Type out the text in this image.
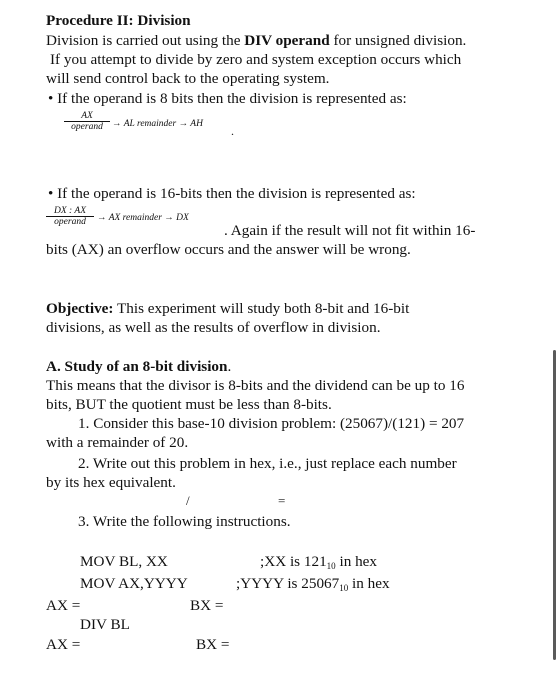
Procedure II: Division
Division is carried out using the DIV operand for unsigned division.
If you attempt to divide by zero and system exception occurs which
will send control back to the operating system.
• If the operand is 8 bits then the division is represented as:
AX
operand → AL remainder → AH .
• If the operand is 16-bits then the division is represented as:
DX : AX
operand	→ AX remainder → DX
. Again if the result will not fit within 16-
bits (AX) an overflow occurs and the answer will be wrong.
Objective: This experiment will study both 8-bit and 16-bit
divisions, as well as the results of overflow in division.
A. Study of an 8-bit division.
This means that the divisor is 8-bits and the dividend can be up to 16
bits, BUT the quotient must be less than 8-bits.
1. Consider this base-10 division problem: (25067)/(121) = 207
with a remainder of 20.
2. Write out this problem in hex, i.e., just replace each number
by its hex equivalent.
/	=
3. Write the following instructions.
MOV BL, XX	;XX is $121_{10}$ in hex
MOV AX,YYYY	;YYYY is $25067_{10}$ in hex
AX =	BX =
DIV BL
AX =	BX =
